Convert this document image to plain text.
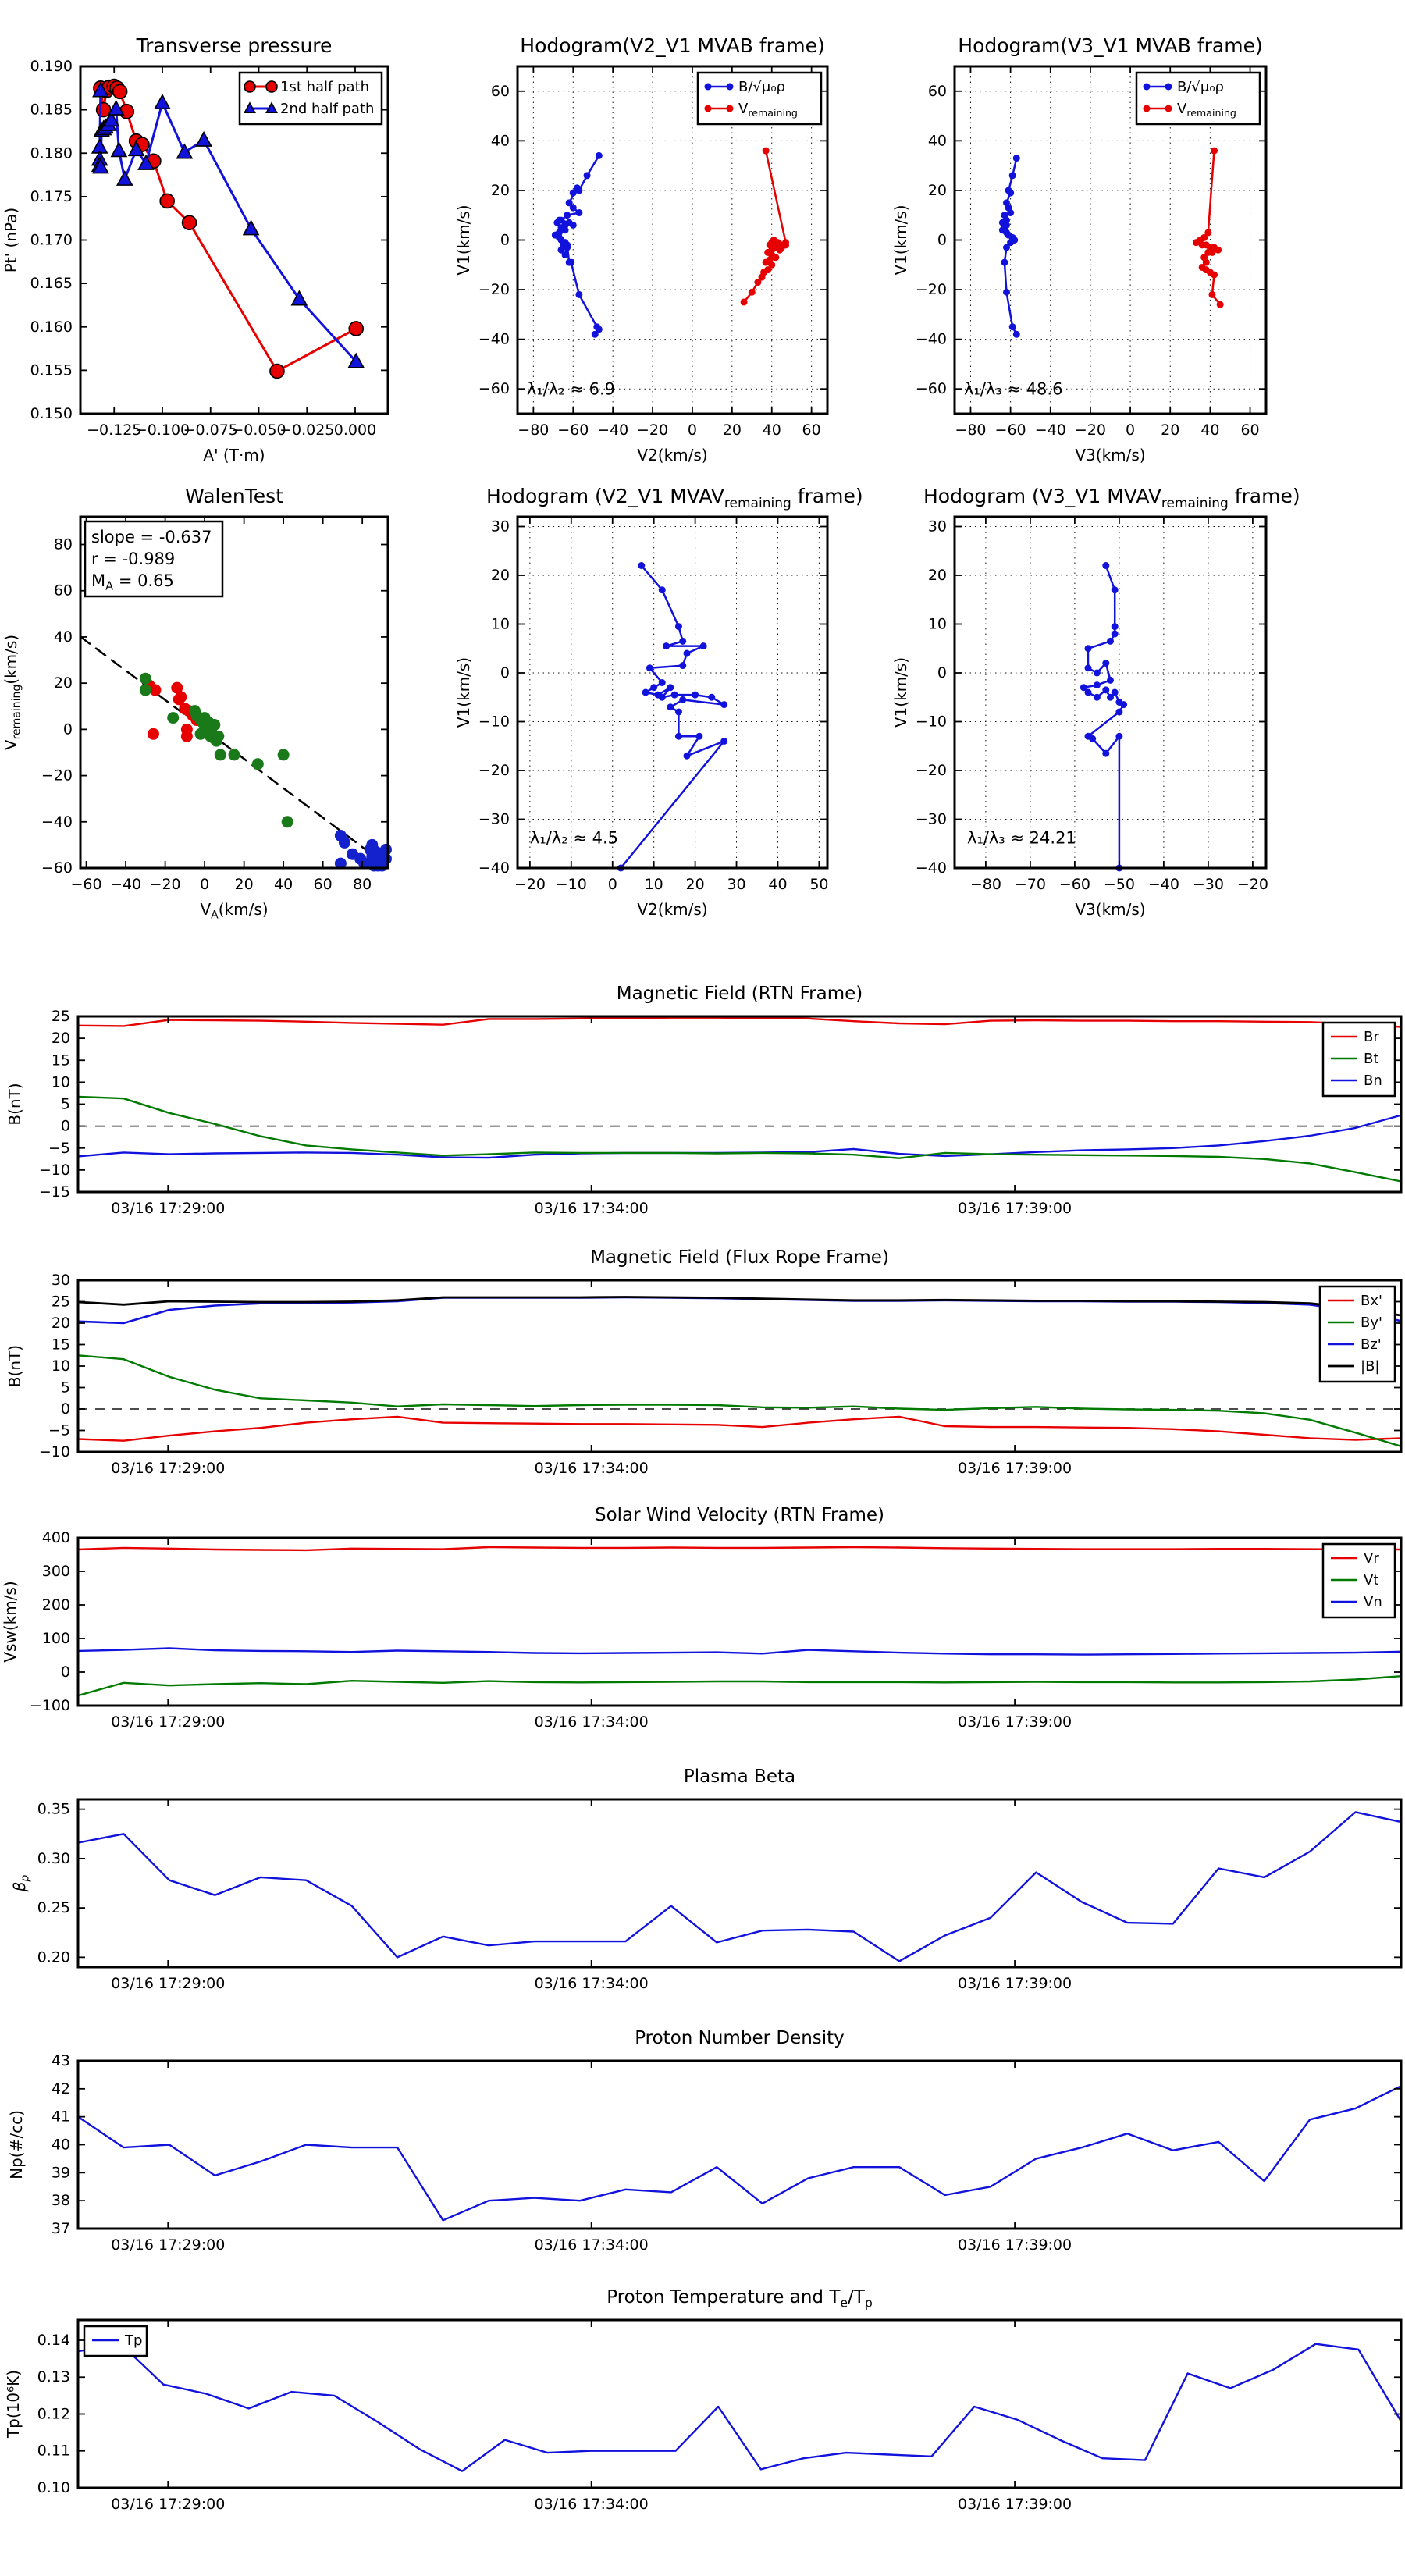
−0.125
−0.100
−0.075
−0.050
−0.025 0.000
0.150
0.155
0.160
0.165
0.170
0.175
0.180
0.185
0.190
A' (T·m)
Pt' (nPa)
1st half path
2nd half path
−80 −60 −40 −20 0 20 40 60
−60
−40
−20
0
20
40
60
V2(km/s)
V1(km/s)
λ₁/λ₂ ≈ 6.9
B/√μ₀ρ
$V_{remaining}$
−80 −60 −40 −20 0 20 40 60
−60
−40
−20
0
20
40
60
V3(km/s)
V1(km/s)
λ₁/λ₃ ≈ 48.6
B/√μ₀ρ
$V_{remaining}$
−60 −40 −20 0 20 40 60 80
−60
−40
−20
0
20
40
60
80
$V_A(km/s)$
$V_{remaining}(km/s)$
slope = -0.637
r = -0.989
$M_A = 0.65$
−20 −10 0 10 20 30 40 50
−40
−30
−20
−10
0
10
20
30
V2(km/s)
V1(km/s)
λ₁/λ₂ ≈ 4.5
−80 −70 −60 −50 −40 −30 −20
−40
−30
−20
−10
0
10
20
30
V3(km/s)
V1(km/s)
λ₁/λ₃ ≈ 24.21
03/16 17:29:00	03/16 17:34:00	03/16 17:39:00
−15
−10
−5
0
5
10
15
20
25
B(nT)
Br
Bt
Bn
03/16 17:29:00	03/16 17:34:00	03/16 17:39:00
−10
−5
0
5
10
15
20
25
30
B(nT)
Bx'
By'
Bz'
|B|
03/16 17:29:00	03/16 17:34:00	03/16 17:39:00
−100
0
100
200
300
400
Vsw(km/s)
Vr
Vt
Vn
03/16 17:29:00	03/16 17:34:00	03/16 17:39:00
0.20
0.25
0.30
0.35
$\beta_p$
03/16 17:29:00	03/16 17:34:00	03/16 17:39:00
37
38
39
40
41
42
43
Np(#/cc)
03/16 17:29:00	03/16 17:34:00	03/16 17:39:00
0.10
0.11
0.12
0.13
0.14
Tp(10⁶K)
Tp
Transverse pressure	Hodogram(V2_V1 MVAB frame)	Hodogram(V3_V1 MVAB frame)
WalenTest	Hodogram (V2_V1 $MVAV_{remaining}$ frame)	Hodogram (V3_V1 $MVAV_{remaining}$ frame)
Magnetic Field (RTN Frame)
Magnetic Field (Flux Rope Frame)
Solar Wind Velocity (RTN Frame)
Plasma Beta
Proton Number Density
Proton Temperature and $T_e/T_p$
